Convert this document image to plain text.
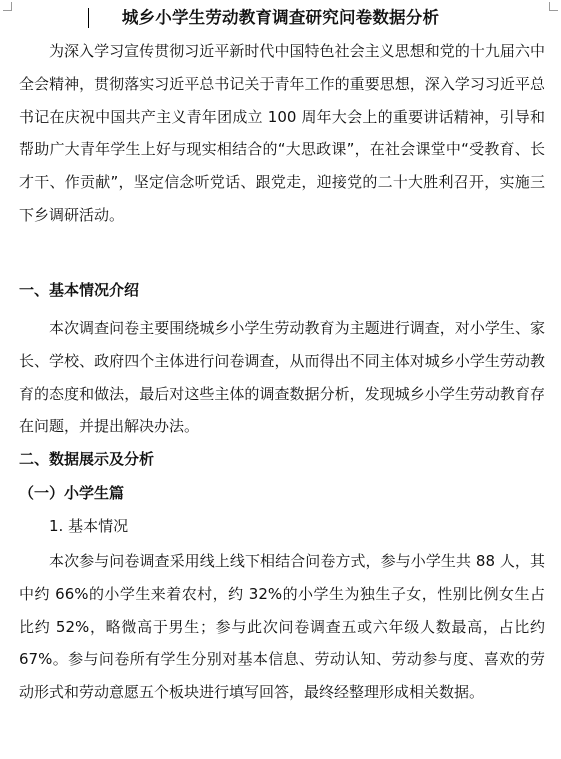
城乡小学生劳动教育调查研究问卷数据分析

为深入学习宣传贯彻习近平新时代中国特色社会主义思想和党的十九届六中全会精神，贯彻落实习近平总书记关于青年工作的重要思想，深入学习习近平总书记在庆祝中国共产主义青年团成立 100 周年大会上的重要讲话精神，引导和帮助广大青年学生上好与现实相结合的“大思政课”，在社会课堂中“受教育、长才干、作贡献”，坚定信念听党话、跟党走，迎接党的二十大胜利召开，实施三下乡调研活动。

一、基本情况介绍

本次调查问卷主要围绕城乡小学生劳动教育为主题进行调查，对小学生、家长、学校、政府四个主体进行问卷调查，从而得出不同主体对城乡小学生劳动教育的态度和做法，最后对这些主体的调查数据分析，发现城乡小学生劳动教育存在问题，并提出解决办法。

二、数据展示及分析
（一）小学生篇
1. 基本情况

本次参与问卷调查采用线上线下相结合问卷方式，参与小学生共 88 人，其中约 66%的小学生来着农村，约 32%的小学生为独生子女，性别比例女生占比约 52%，略微高于男生；参与此次问卷调查五或六年级人数最高，占比约 67%。参与问卷所有学生分别对基本信息、劳动认知、劳动参与度、喜欢的劳动形式和劳动意愿五个板块进行填写回答，最终经整理形成相关数据。
